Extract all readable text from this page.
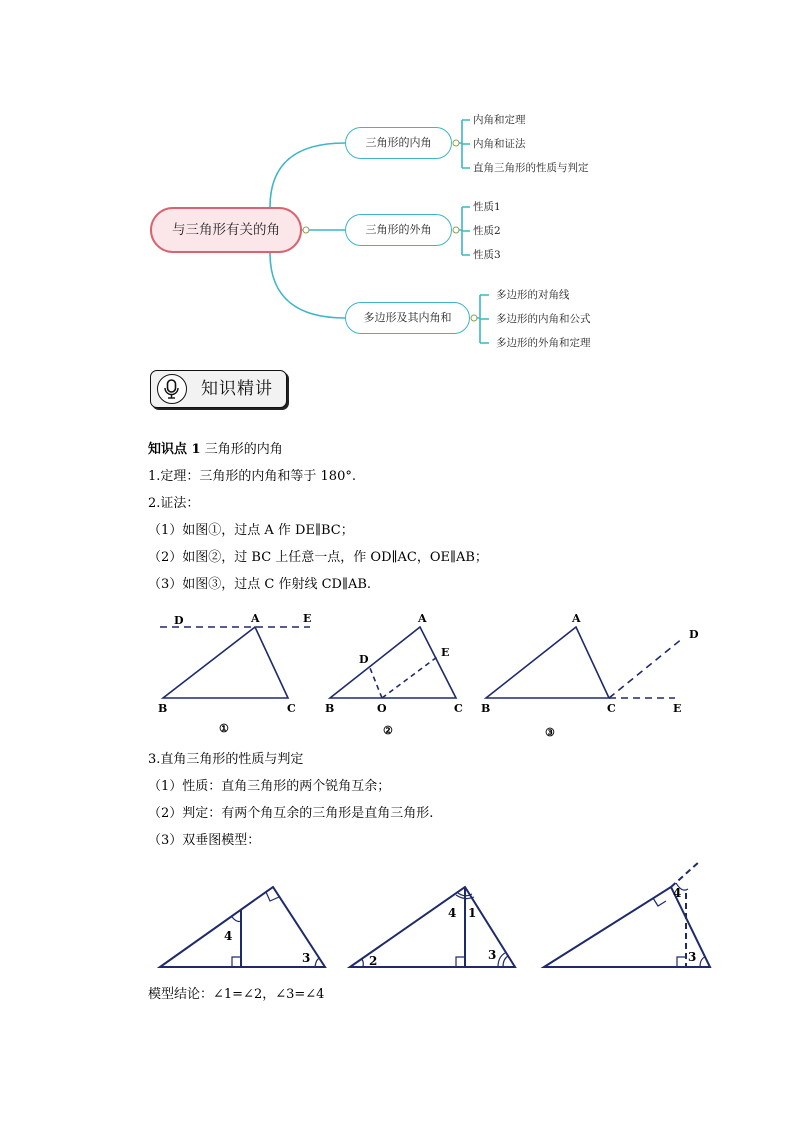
与三角形有关的角
三角形的内角
三角形的外角
多边形及其内角和
内角和定理
内角和证法
直角三角形的性质与判定
性质1
性质2
性质3
多边形的对角线
多边形的内角和公式
多边形的外角和定理
知识精讲
知识点 1 三角形的内角
1.定理：三角形的内角和等于 180°.
2.证法：
（1）如图①，过点 A 作 DE∥BC；
（2）如图②，过 BC 上任意一点，作 OD∥AC，OE∥AB；
（3）如图③，过点 C 作射线 CD∥AB.
D	A	E
B	C
①
A
D
E
B	O	C
②
A
D
B	C	E
③
3.直角三角形的性质与判定
（1）性质：直角三角形的两个锐角互余；
（2）判定：有两个角互余的三角形是直角三角形.
（3）双垂图模型：
4
3
4 1
2	3
4
3
模型结论：∠1=∠2，∠3=∠4
